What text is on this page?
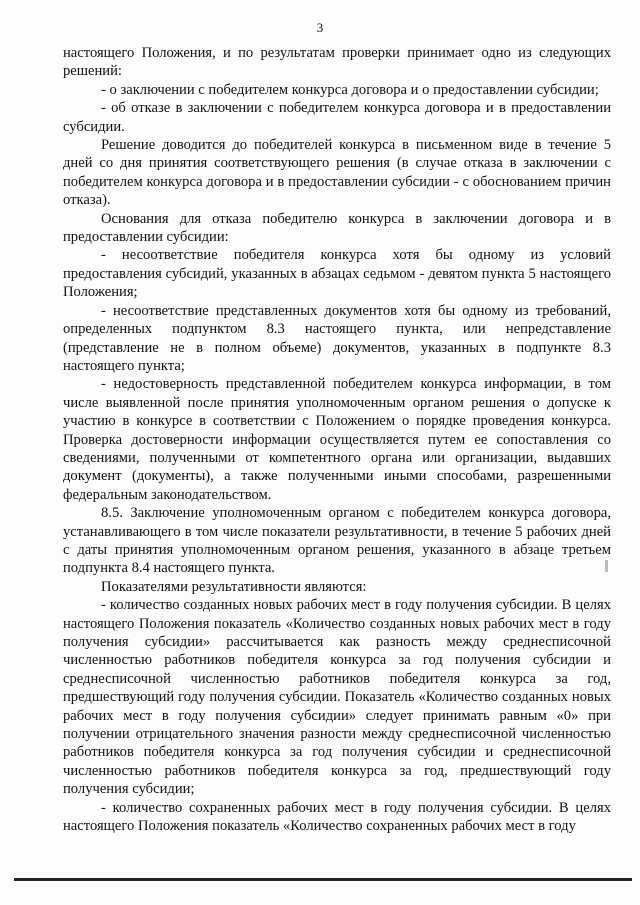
3

настоящего Положения, и по результатам проверки принимает одно из следующих решений:

- о заключении с победителем конкурса договора и о предоставлении субсидии;

- об отказе в заключении с победителем конкурса договора и в предоставлении субсидии.

Решение доводится до победителей конкурса в письменном виде в течение 5 дней со дня принятия соответствующего решения (в случае отказа в заключении с победителем конкурса договора и в предоставлении субсидии - с обоснованием причин отказа).

Основания для отказа победителю конкурса в заключении договора и в предоставлении субсидии:

- несоответствие победителя конкурса хотя бы одному из условий предоставления субсидий, указанных в абзацах седьмом - девятом пункта 5 настоящего Положения;

- несоответствие представленных документов хотя бы одному из требований, определенных подпунктом 8.3 настоящего пункта, или непредставление (представление не в полном объеме) документов, указанных в подпункте 8.3 настоящего пункта;

- недостоверность представленной победителем конкурса информации, в том числе выявленной после принятия уполномоченным органом решения о допуске к участию в конкурсе в соответствии с Положением о порядке проведения конкурса. Проверка достоверности информации осуществляется путем ее сопоставления со сведениями, полученными от компетентного органа или организации, выдавших документ (документы), а также полученными иными способами, разрешенными федеральным законодательством.

8.5. Заключение уполномоченным органом с победителем конкурса договора, устанавливающего в том числе показатели результативности, в течение 5 рабочих дней с даты принятия уполномоченным органом решения, указанного в абзаце третьем подпункта 8.4 настоящего пункта.

Показателями результативности являются:

- количество созданных новых рабочих мест в году получения субсидии. В целях настоящего Положения показатель «Количество созданных новых рабочих мест в году получения субсидии» рассчитывается как разность между среднесписочной численностью работников победителя конкурса за год получения субсидии и среднесписочной численностью работников победителя конкурса за год, предшествующий году получения субсидии. Показатель «Количество созданных новых рабочих мест в году получения субсидии» следует принимать равным «0» при получении отрицательного значения разности между среднесписочной численностью работников победителя конкурса за год получения субсидии и среднесписочной численностью работников победителя конкурса за год, предшествующий году получения субсидии;

- количество сохраненных рабочих мест в году получения субсидии. В целях настоящего Положения показатель «Количество сохраненных рабочих мест в году
